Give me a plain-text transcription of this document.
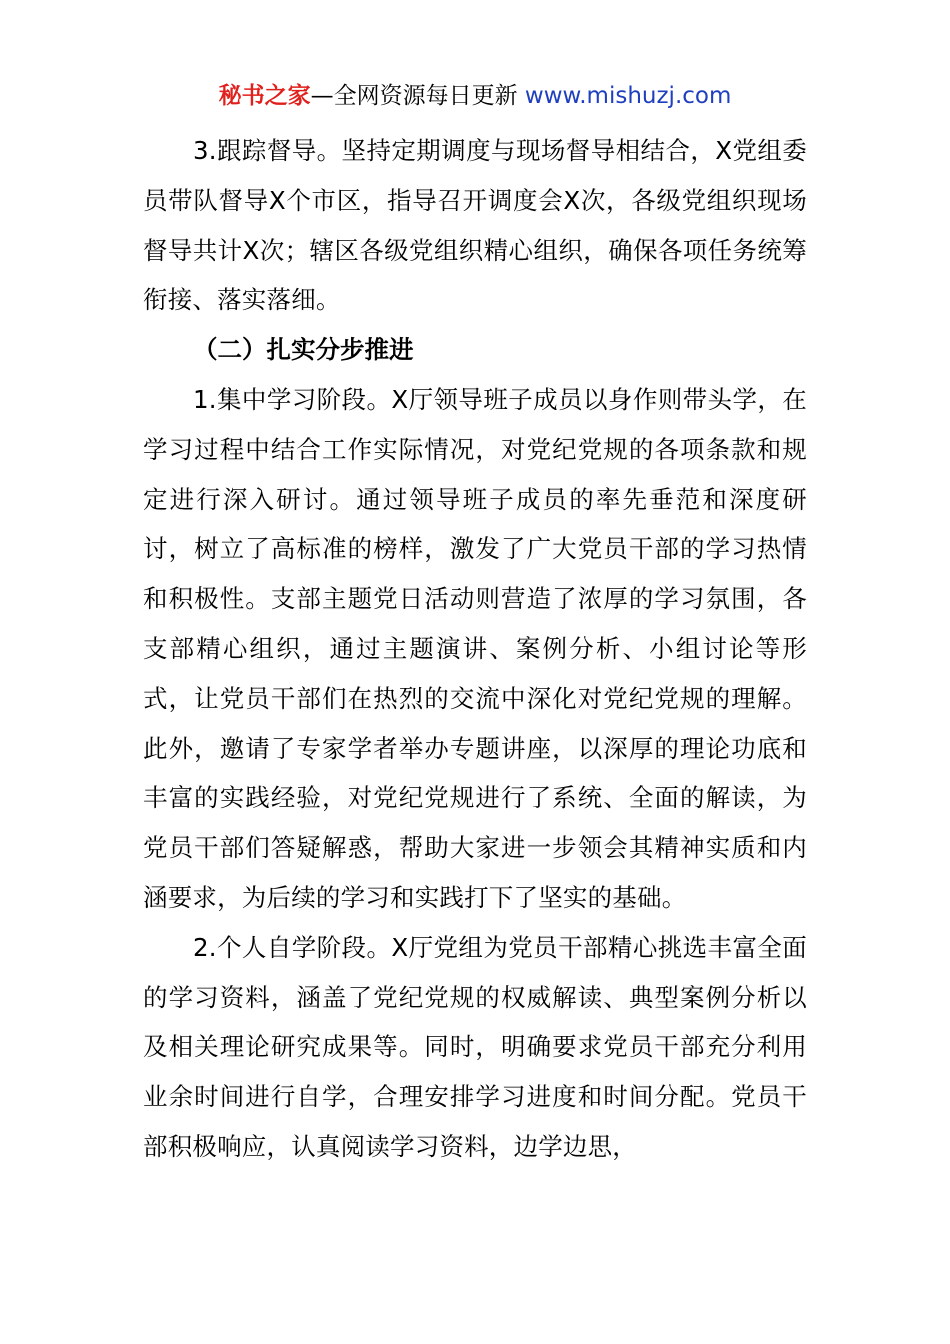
秘书之家—全网资源每日更新 www.mishuzj.com

3.跟踪督导。坚持定期调度与现场督导相结合，X党组委员带队督导X个市区，指导召开调度会X次，各级党组织现场督导共计X次；辖区各级党组织精心组织，确保各项任务统筹衔接、落实落细。

（二）扎实分步推进

1.集中学习阶段。X厅领导班子成员以身作则带头学，在学习过程中结合工作实际情况，对党纪党规的各项条款和规定进行深入研讨。通过领导班子成员的率先垂范和深度研讨，树立了高标准的榜样，激发了广大党员干部的学习热情和积极性。支部主题党日活动则营造了浓厚的学习氛围，各支部精心组织，通过主题演讲、案例分析、小组讨论等形式，让党员干部们在热烈的交流中深化对党纪党规的理解。此外，邀请了专家学者举办专题讲座，以深厚的理论功底和丰富的实践经验，对党纪党规进行了系统、全面的解读，为党员干部们答疑解惑，帮助大家进一步领会其精神实质和内涵要求，为后续的学习和实践打下了坚实的基础。

2.个人自学阶段。X厅党组为党员干部精心挑选丰富全面的学习资料，涵盖了党纪党规的权威解读、典型案例分析以及相关理论研究成果等。同时，明确要求党员干部充分利用业余时间进行自学，合理安排学习进度和时间分配。党员干部积极响应，认真阅读学习资料，边学边思，
